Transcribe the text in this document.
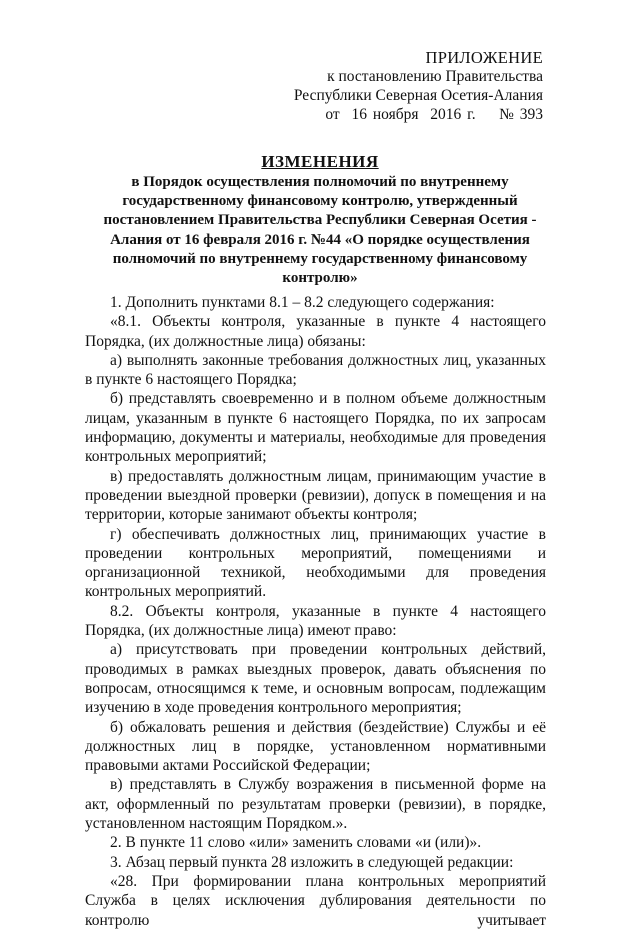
ПРИЛОЖЕНИЕ
к постановлению Правительства
Республики Северная Осетия-Алания
от  16 ноября  2016 г.    № 393
ИЗМЕНЕНИЯ
в Порядок осуществления полномочий по внутреннему государственному финансовому контролю, утвержденный постановлением Правительства Республики Северная Осетия - Алания от 16 февраля 2016 г. №44 «О порядке осуществления полномочий по внутреннему государственному финансовому контролю»

1. Дополнить пунктами 8.1 – 8.2 следующего содержания:

«8.1. Объекты контроля, указанные в пункте 4 настоящего Порядка, (их должностные лица) обязаны:

а) выполнять законные требования должностных лиц, указанных в пункте 6 настоящего Порядка;

б) представлять своевременно и в полном объеме должностным лицам, указанным в пункте 6 настоящего Порядка, по их запросам информацию, документы и материалы, необходимые для проведения контрольных мероприятий;

в) предоставлять должностным лицам, принимающим участие в проведении выездной проверки (ревизии), допуск в помещения и на территории, которые занимают объекты контроля;

г) обеспечивать должностных лиц, принимающих участие в проведении контрольных мероприятий, помещениями и организационной техникой, необходимыми для проведения контрольных мероприятий.

8.2. Объекты контроля, указанные в пункте 4 настоящего Порядка, (их должностные лица) имеют право:

а) присутствовать при проведении контрольных действий, проводимых в рамках выездных проверок, давать объяснения по вопросам, относящимся к теме, и основным вопросам, подлежащим изучению в ходе проведения контрольного мероприятия;

б) обжаловать решения и действия (бездействие) Службы и её должностных лиц в порядке, установленном нормативными правовыми актами Российской Федерации;

в) представлять в Службу возражения в письменной форме на акт, оформленный по результатам проверки (ревизии), в порядке, установленном настоящим Порядком.».

2. В пункте 11 слово «или» заменить словами «и (или)».

3. Абзац первый пункта 28 изложить в следующей редакции:

«28. При формировании плана контрольных мероприятий Служба в целях исключения дублирования деятельности по контролю учитывает
